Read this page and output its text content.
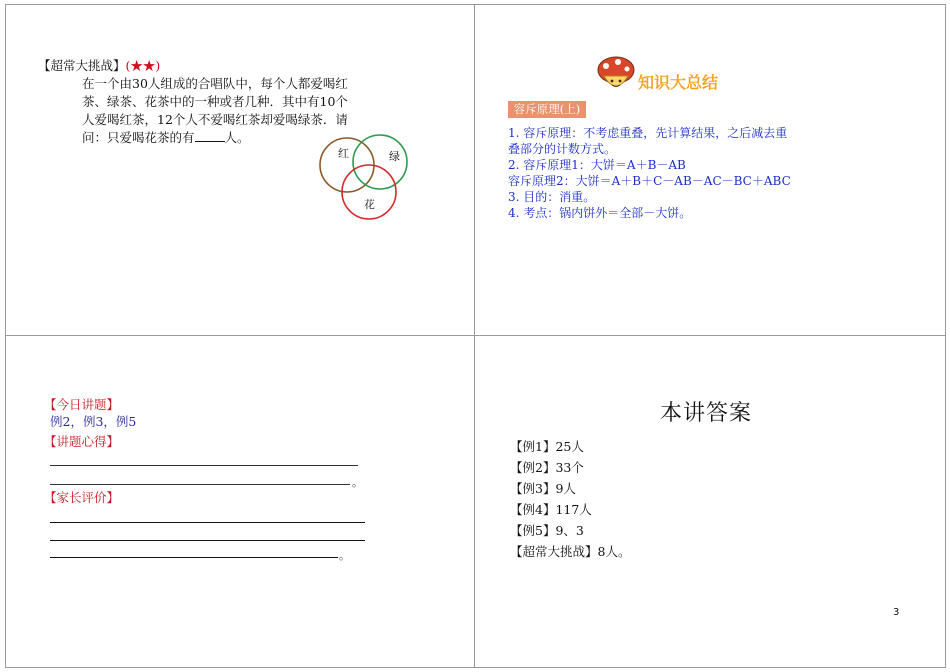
【超常大挑战】(★★)
在一个由30人组成的合唱队中，每个人都爱喝红
茶、绿茶、花茶中的一种或者几种．其中有10个
人爱喝红茶，12个人不爱喝红茶却爱喝绿茶．请
问：只爱喝花茶的有 人。
红	绿
花
知识大总结
容斥原理(上)
1. 容斥原理：不考虑重叠，先计算结果，之后减去重
叠部分的计数方式。
2. 容斥原理1：大饼＝A＋B－AB
容斥原理2：大饼＝A＋B＋C－AB－AC－BC＋ABC
3. 目的：消重。
4. 考点：锅内饼外＝全部－大饼。
【今日讲题】
例2，例3，例5
【讲题心得】
。
【家长评价】
。
本讲答案
【例1】25人
【例2】33个
【例3】9人
【例4】117人
【例5】9、3
【超常大挑战】8人。
3
